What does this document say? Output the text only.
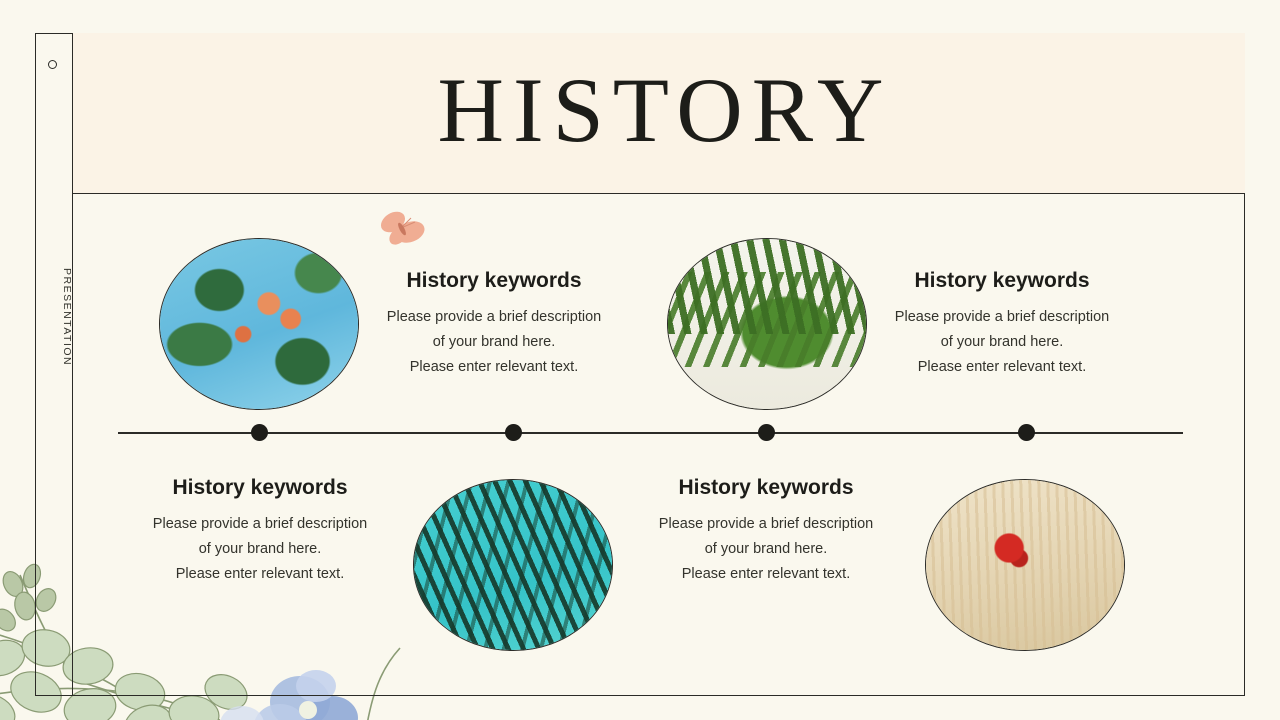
PRESENTATION
HISTORY
History keywords
Please provide a brief description
of your brand here.
Please enter relevant text.
History keywords
Please provide a brief description
of your brand here.
Please enter relevant text.
History keywords
Please provide a brief description
of your brand here.
Please enter relevant text.
History keywords
Please provide a brief description
of your brand here.
Please enter relevant text.
